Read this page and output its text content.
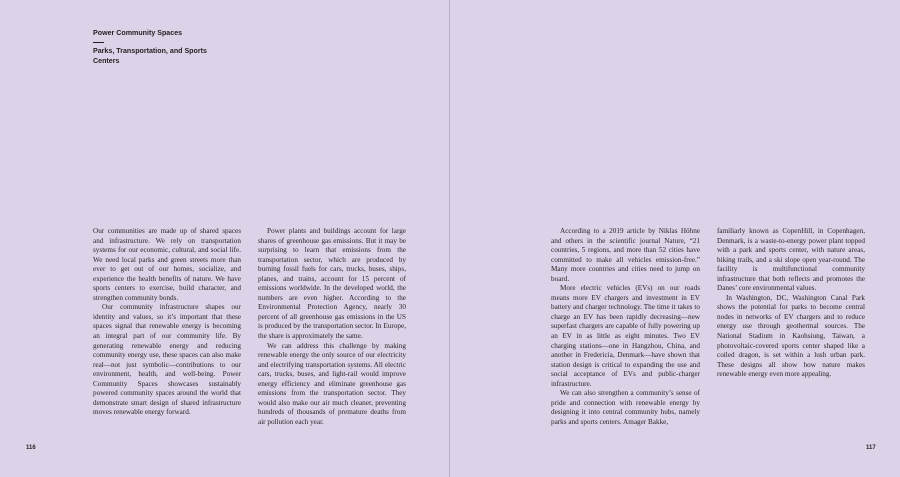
Power Community Spaces
Parks, Transportation, and Sports Centers

Our communities are made up of shared spaces and infrastructure. We rely on transportation systems for our economic, cultural, and social life. We need local parks and green streets more than ever to get out of our homes, socialize, and experience the health benefits of nature. We have sports centers to exercise, build character, and strengthen community bonds.

Our community infrastructure shapes our identity and values, so it’s important that these spaces signal that renewable energy is becoming an integral part of our community life. By generating renewable energy and reducing community energy use, these spaces can also make real—not just symbolic—contributions to our environment, health, and well-being. Power Community Spaces showcases sustainably powered community spaces around the world that demonstrate smart design of shared infrastructure moves renewable energy forward.

Power plants and buildings account for large shares of greenhouse gas emissions. But it may be surprising to learn that emissions from the transportation sector, which are produced by burning fossil fuels for cars, trucks, buses, ships, planes, and trains, account for 15 percent of emissions worldwide. In the developed world, the numbers are even higher. According to the Environmental Protection Agency, nearly 30 percent of all greenhouse gas emissions in the US is produced by the transportation sector. In Europe, the share is approximately the same.

We can address this challenge by making renewable energy the only source of our electricity and electrifying transportation systems. All electric cars, trucks, buses, and light-rail would improve energy efficiency and eliminate greenhouse gas emissions from the transportation sector. They would also make our air much cleaner, preventing hundreds of thousands of premature deaths from air pollution each year.

According to a 2019 article by Niklas Höhne and others in the scientific journal Nature, “21 countries, 5 regions, and more than 52 cities have committed to make all vehicles emission-free.” Many more countries and cities need to jump on board.

More electric vehicles (EVs) on our roads means more EV chargers and investment in EV battery and charger technology. The time it takes to charge an EV has been rapidly decreasing—new superfast chargers are capable of fully powering up an EV in as little as eight minutes. Two EV charging stations—one in Hangzhou, China, and another in Fredericia, Denmark—have shown that station design is critical to expanding the use and social acceptance of EVs and public-charger infrastructure.

We can also strengthen a community’s sense of pride and connection with renewable energy by designing it into central community hubs, namely parks and sports centers. Amager Bakke,

familiarly known as CopenHill, in Copenhagen, Denmark, is a waste-to-energy power plant topped with a park and sports center, with nature areas, hiking trails, and a ski slope open year-round. The facility is multifunctional community infrastructure that both reflects and promotes the Danes’ core environmental values.

In Washington, DC, Washington Canal Park shows the potential for parks to become central nodes in networks of EV chargers and to reduce energy use through geothermal sources. The National Stadium in Kaohsiung, Taiwan, a photovoltaic-covered sports center shaped like a coiled dragon, is set within a lush urban park. These designs all show how nature makes renewable energy even more appealing.

116	117
